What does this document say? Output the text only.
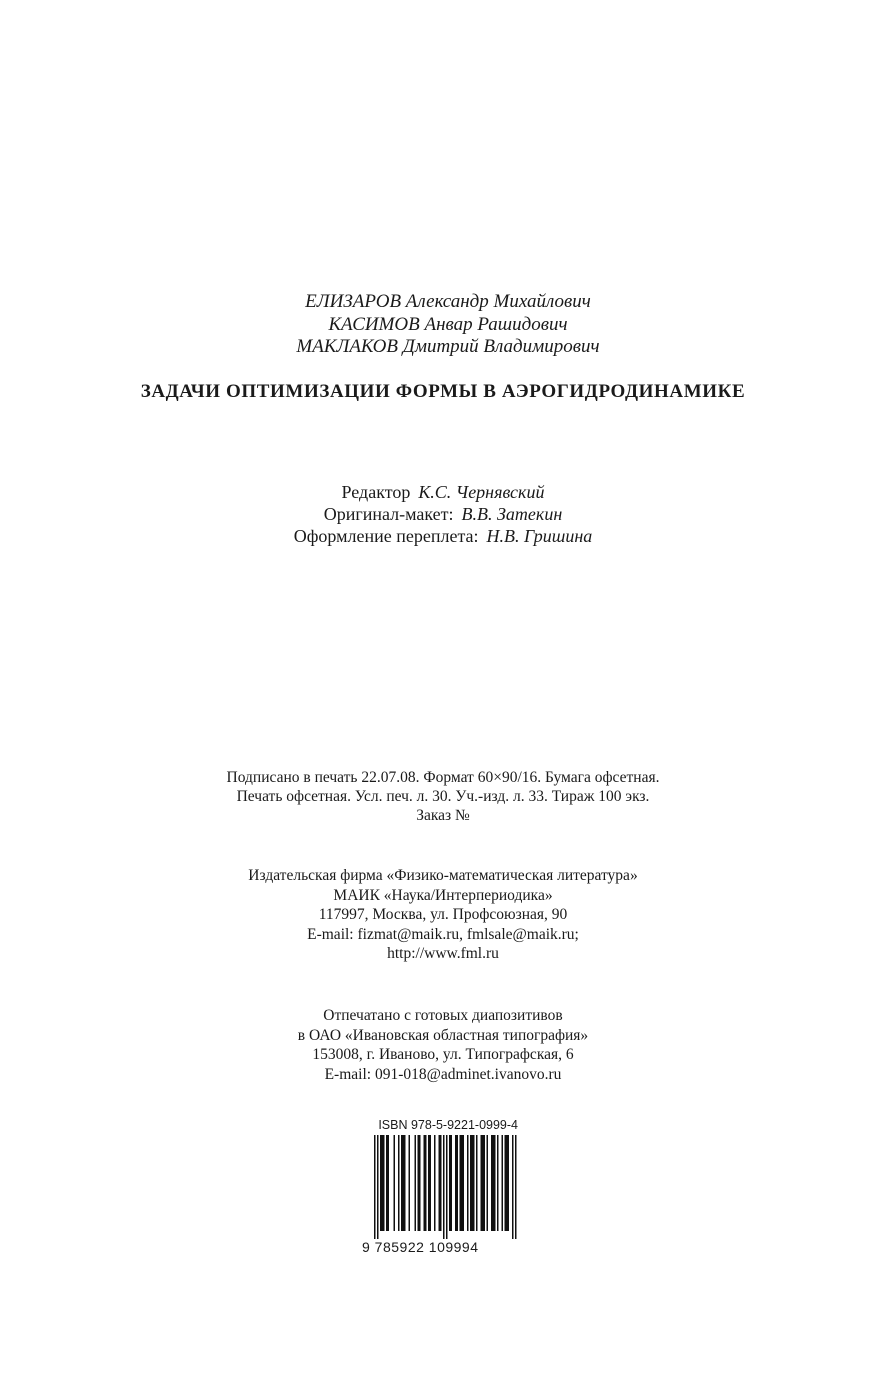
ЕЛИЗАРОВ Александр Михайлович
КАСИМОВ Анвар Рашидович
МАКЛАКОВ Дмитрий Владимирович
ЗАДАЧИ ОПТИМИЗАЦИИ ФОРМЫ В АЭРОГИДРОДИНАМИКЕ
Редактор К.С. Чернявский
Оригинал-макет: В.В. Затекин
Оформление переплета: Н.В. Гришина
Подписано в печать 22.07.08. Формат 60×90/16. Бумага офсетная.
Печать офсетная. Усл. печ. л. 30. Уч.-изд. л. 33. Тираж 100 экз.
Заказ №
Издательская фирма «Физико-математическая литература»
МАИК «Наука/Интерпериодика»
117997, Москва, ул. Профсоюзная, 90
E-mail: fizmat@maik.ru, fmlsale@maik.ru;
http://www.fml.ru
Отпечатано с готовых диапозитивов
в ОАО «Ивановская областная типография»
153008, г. Иваново, ул. Типографская, 6
E-mail: 091-018@adminet.ivanovo.ru
ISBN 978-5-9221-0999-4
9 785922 109994
